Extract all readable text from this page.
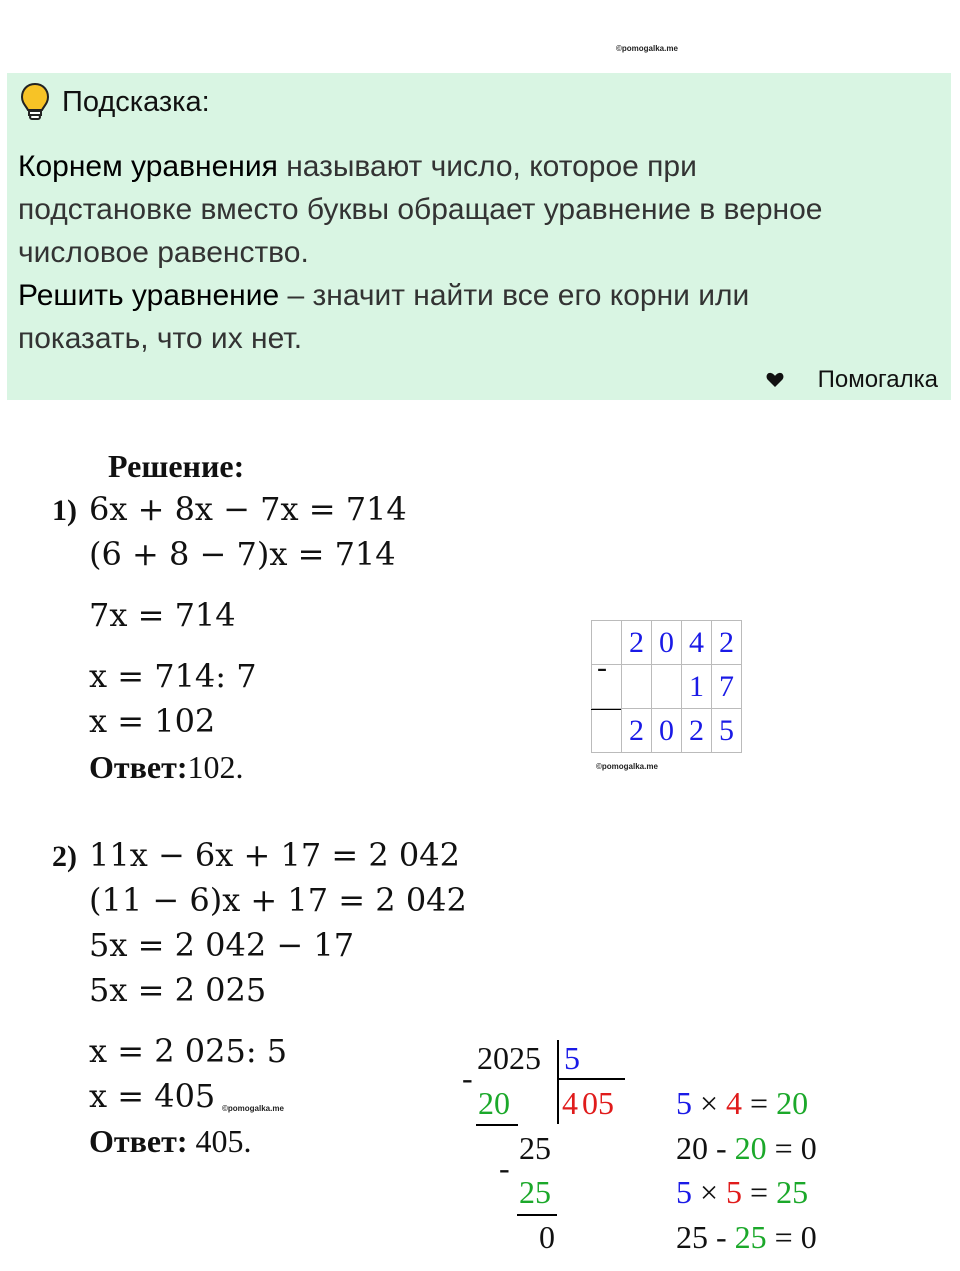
©pomogalka.me
Подсказка:
Корнем уравнения называют число, которое при
подстановке вместо буквы обращает уравнение в верное
числовое равенство.
Решить уравнение – значит найти все его корни или
показать, что их нет.
Помогалка
Решение:
1) 6x + 8x − 7x = 714
(6 + 8 − 7)x = 714
7x = 714
x = 714: 7
x = 102
Ответ:102.
	2	0	4	2
			1	7
	2	0	2	5
-
©pomogalka.me
2) 11x − 6x + 17 = 2 042
(11 − 6)x + 17 = 2 042
5x = 2 042 − 17
5x = 2 025
x = 2 025: 5
x = 405 ©pomogalka.me
Ответ: 405.
2025 5
4 05
-
20
25
-
25
0
5 × 4 = 20
20 - 20 = 0
5 × 5 = 25
25 - 25 = 0
